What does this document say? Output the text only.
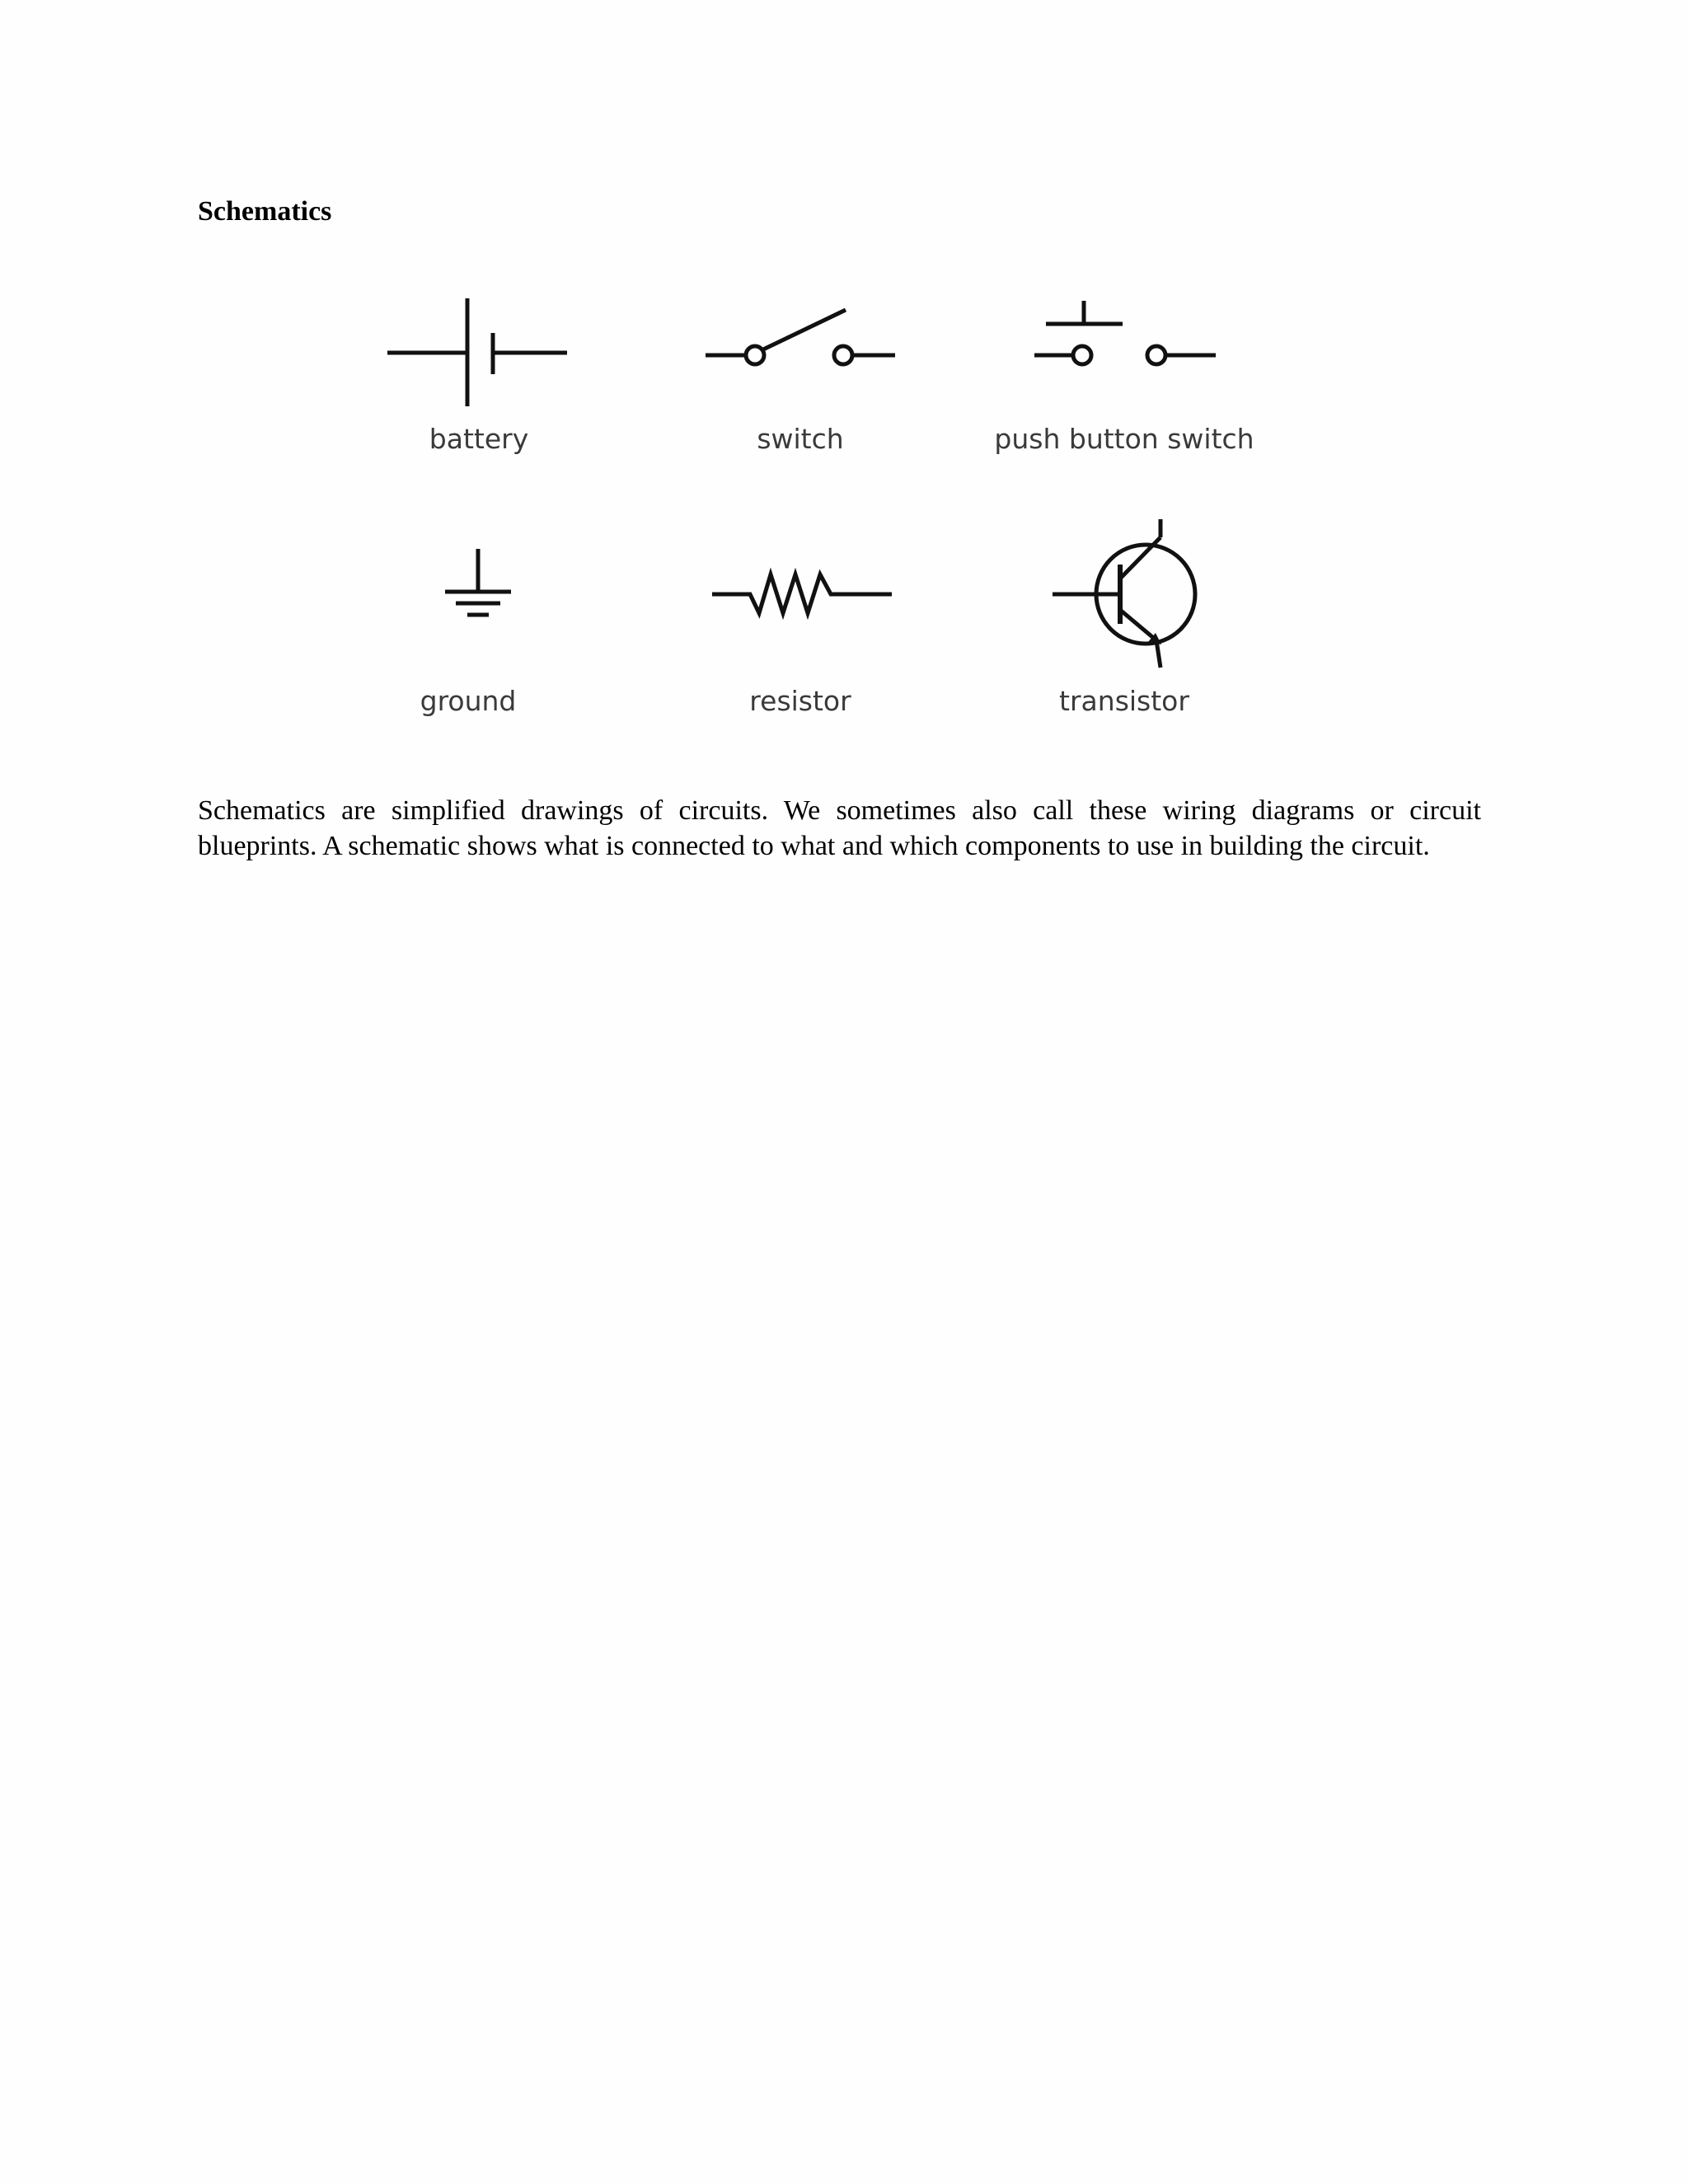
Schematics
battery	switch	push button switch
ground	resistor	transistor

Schematics are simplified drawings of circuits. We sometimes also call these wiring diagrams or circuit blueprints. A schematic shows what is connected to what and which components to use in building the circuit.
